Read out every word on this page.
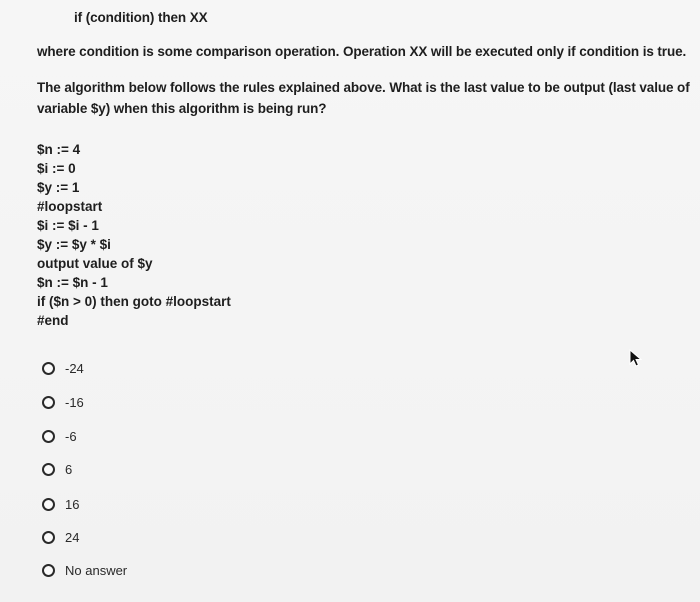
if (condition) then XX
where condition is some comparison operation. Operation XX will be executed only if condition is true.
The algorithm below follows the rules explained above. What is the last value to be output (last value of
variable $y) when this algorithm is being run?
$n := 4
$i := 0
$y := 1
#loopstart
$i := $i - 1
$y := $y * $i
output value of $y
$n := $n - 1
if ($n > 0) then goto #loopstart
#end
-24
-16
-6
6
16
24
No answer
